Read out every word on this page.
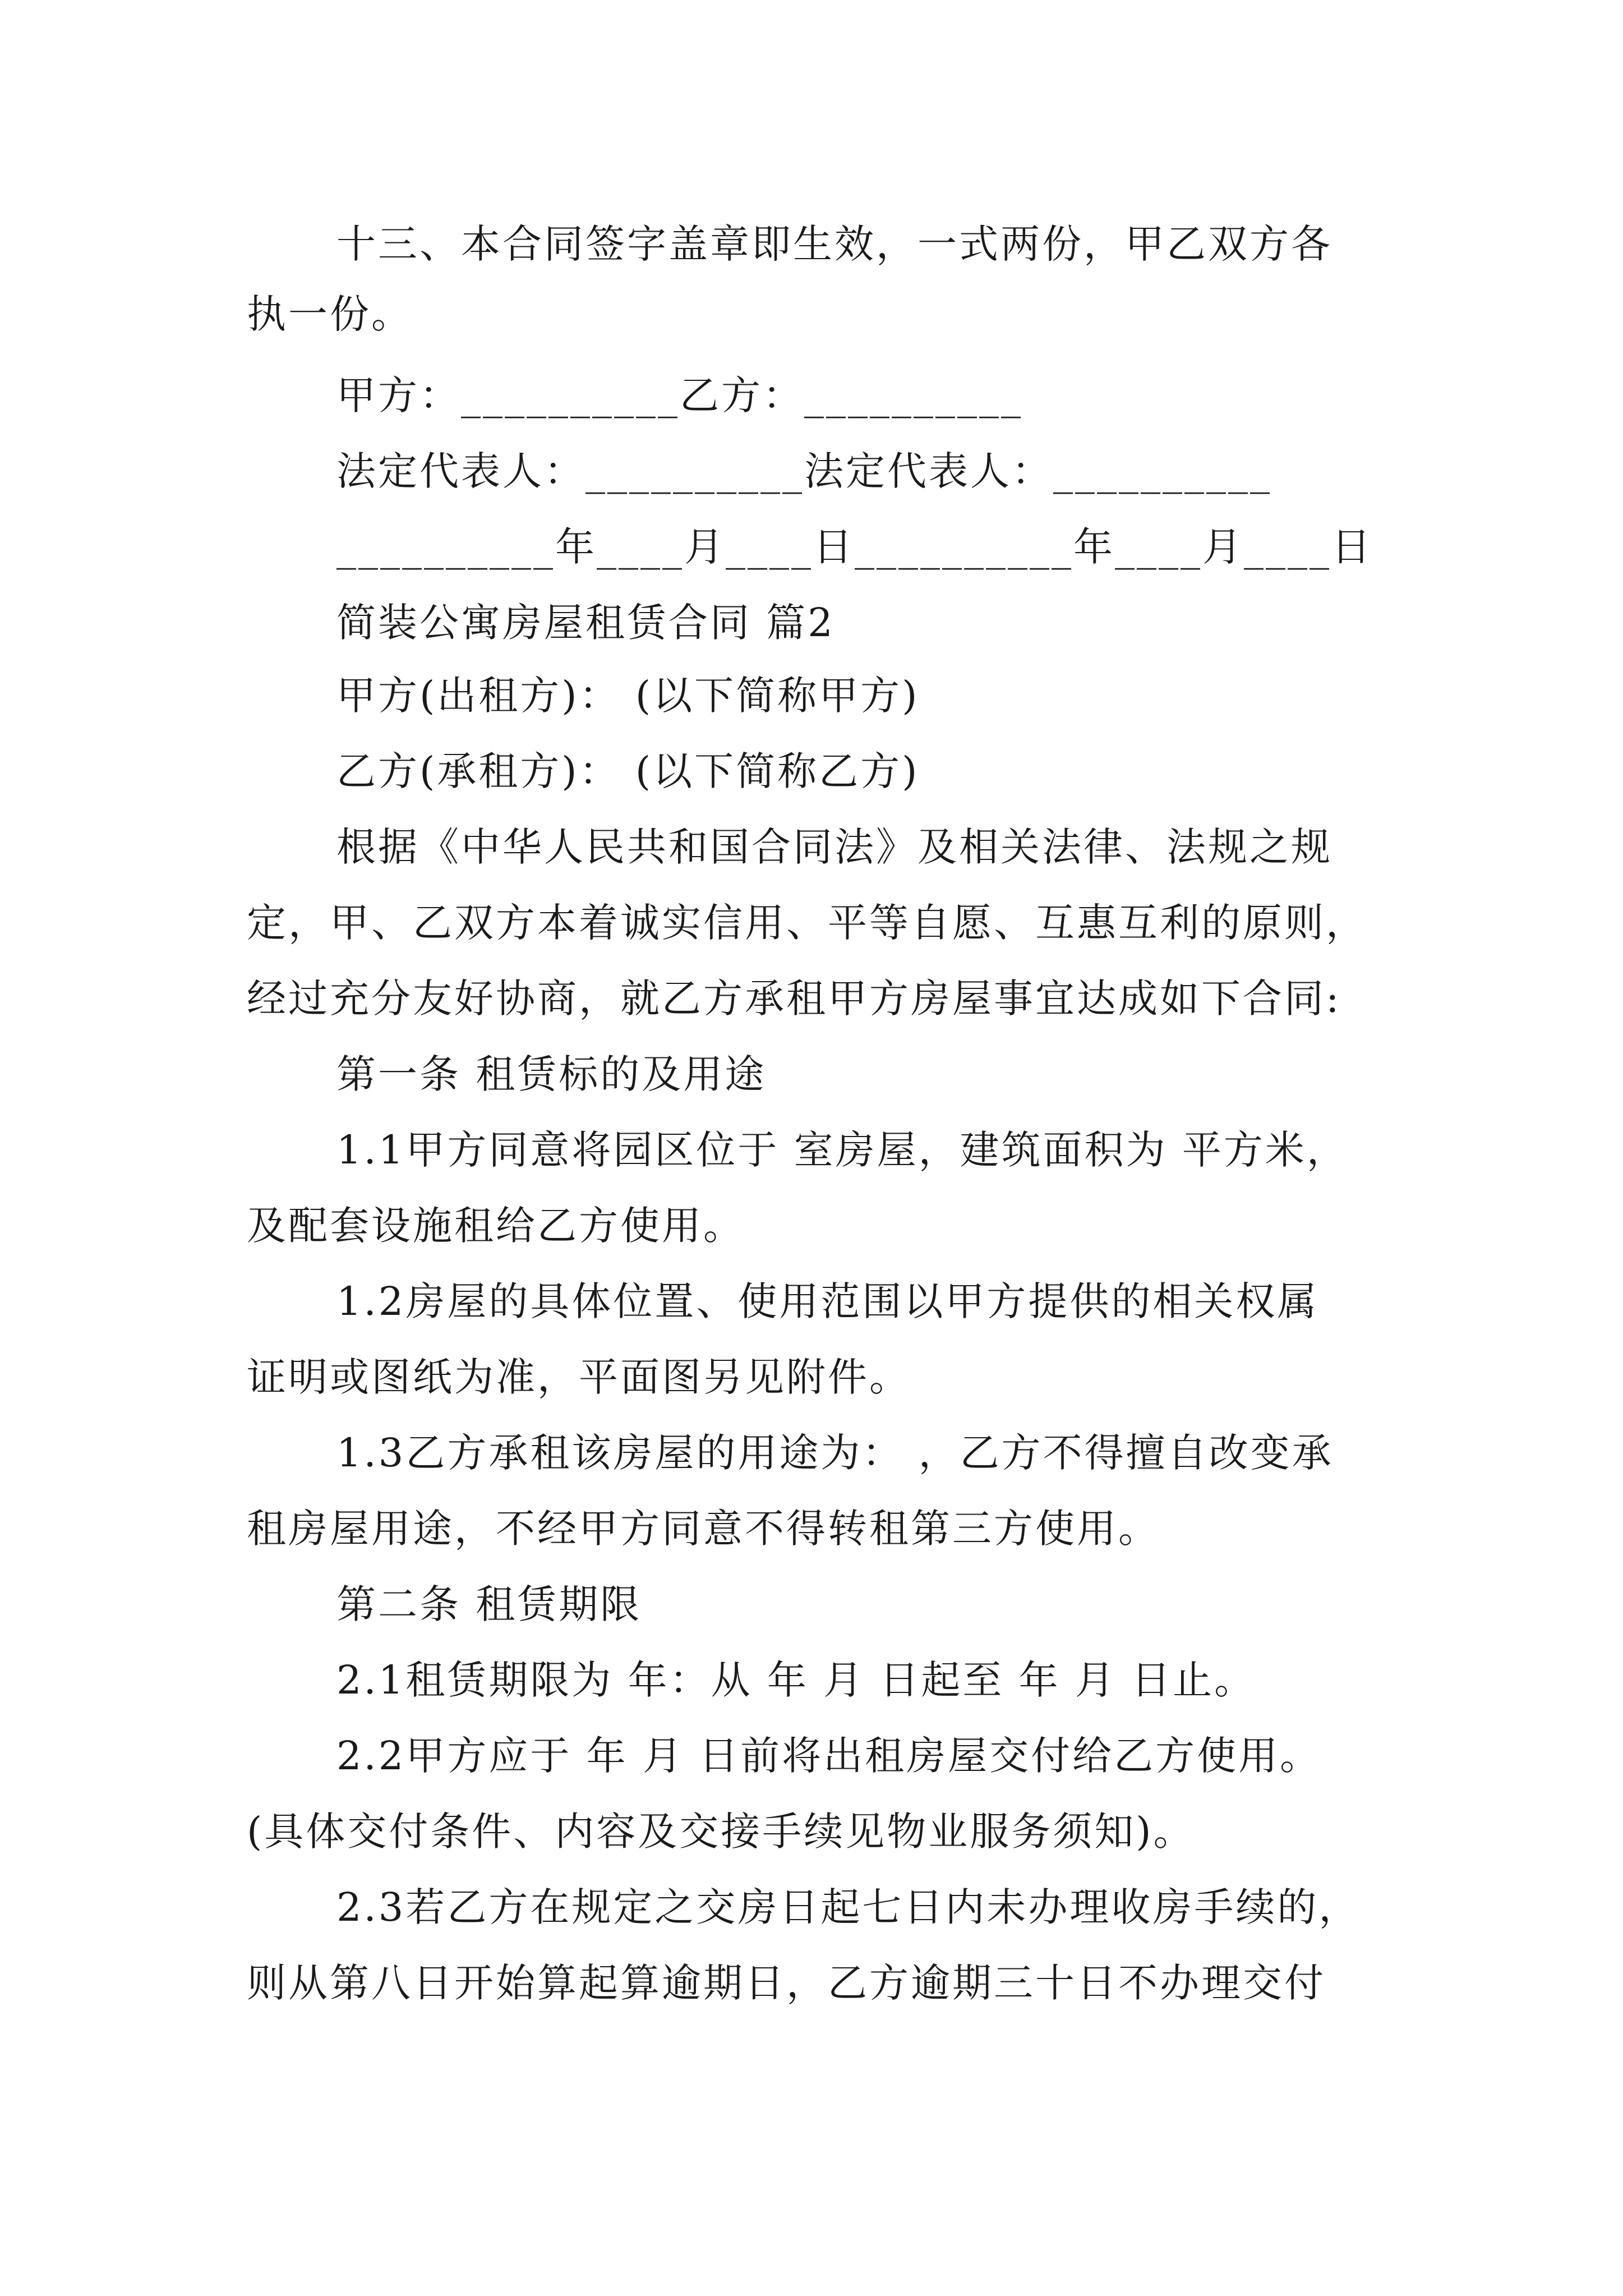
十三、本合同签字盖章即生效，一式两份，甲乙双方各
执一份。
甲方：__________乙方：__________
法定代表人：__________法定代表人：__________
__________年____月____日__________年____月____日
简装公寓房屋租赁合同 篇2
甲方(出租方)： (以下简称甲方)
乙方(承租方)： (以下简称乙方)
根据《中华人民共和国合同法》及相关法律、法规之规
定，甲、乙双方本着诚实信用、平等自愿、互惠互利的原则，
经过充分友好协商，就乙方承租甲方房屋事宜达成如下合同:
第一条 租赁标的及用途
1.1甲方同意将园区位于 室房屋，建筑面积为 平方米，
及配套设施租给乙方使用。
1.2房屋的具体位置、使用范围以甲方提供的相关权属
证明或图纸为准，平面图另见附件。
1.3乙方承租该房屋的用途为： ，乙方不得擅自改变承
租房屋用途，不经甲方同意不得转租第三方使用。
第二条 租赁期限
2.1租赁期限为 年：从 年 月 日起至 年 月 日止。
2.2甲方应于 年 月 日前将出租房屋交付给乙方使用。
(具体交付条件、内容及交接手续见物业服务须知)。
2.3若乙方在规定之交房日起七日内未办理收房手续的，
则从第八日开始算起算逾期日，乙方逾期三十日不办理交付
